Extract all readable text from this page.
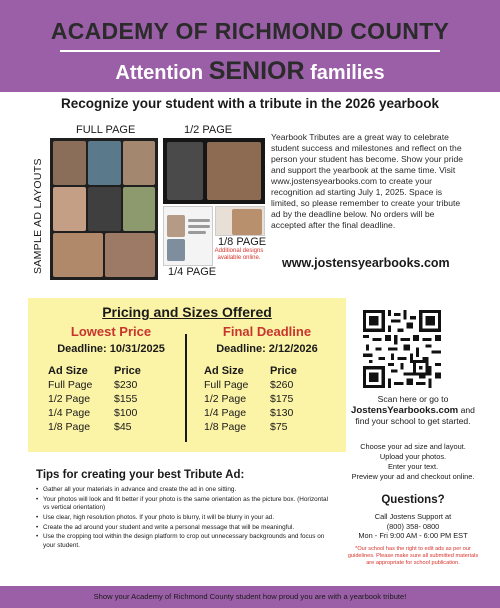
ACADEMY OF RICHMOND COUNTY
Attention SENIOR families
Recognize your student with a tribute in the 2026 yearbook
SAMPLE AD LAYOUTS
FULL PAGE	1/2 PAGE
1/8 PAGE
Additional designs available online.
1/4 PAGE
Yearbook Tributes are a great way to celebrate student success and milestones and reflect on the person your student has become. Show your pride and support the yearbook at the same time. Visit www.jostensyearbooks.com to create your recognition ad starting July 1, 2025. Space is limited, so please remember to create your tribute ad by the deadline below. No orders will be accepted after the final deadline.
www.jostensyearbooks.com
Pricing and Sizes Offered
Lowest Price
Deadline: 10/31/2025
Ad Size	Price
Full Page	$230
1/2 Page	$155
1/4 Page	$100
1/8 Page	$45
Final Deadline
Deadline: 2/12/2026
Ad Size	Price
Full Page	$260
1/2 Page	$175
1/4 Page	$130
1/8 Page	$75
Scan here or go to
JostensYearbooks.com and find your school to get started.
Choose your ad size and layout.
Upload your photos.
Enter your text.
Preview your ad and checkout online.
Questions?
Call Jostens Support at
(800) 358- 0800
Mon - Fri 9:00 AM - 6:00 PM EST
*Our school has the right to edit ads as per our guidelines. Please make sure all submitted materials are appropriate for school publication.
Tips for creating your best Tribute Ad:
• Gather all your materials in advance and create the ad in one sitting.
• Your photos will look and fit better if your photo is the same orientation as the picture box. (Horizontal vs vertical orientation)
• Use clear, high resolution photos. If your photo is blurry, it will be blurry in your ad.
• Create the ad around your student and write a personal message that will be meaningful.
• Use the cropping tool within the design platform to crop out unnecessary backgrounds and focus on your student.
Show your Academy of Richmond County student how proud you are with a yearbook tribute!
